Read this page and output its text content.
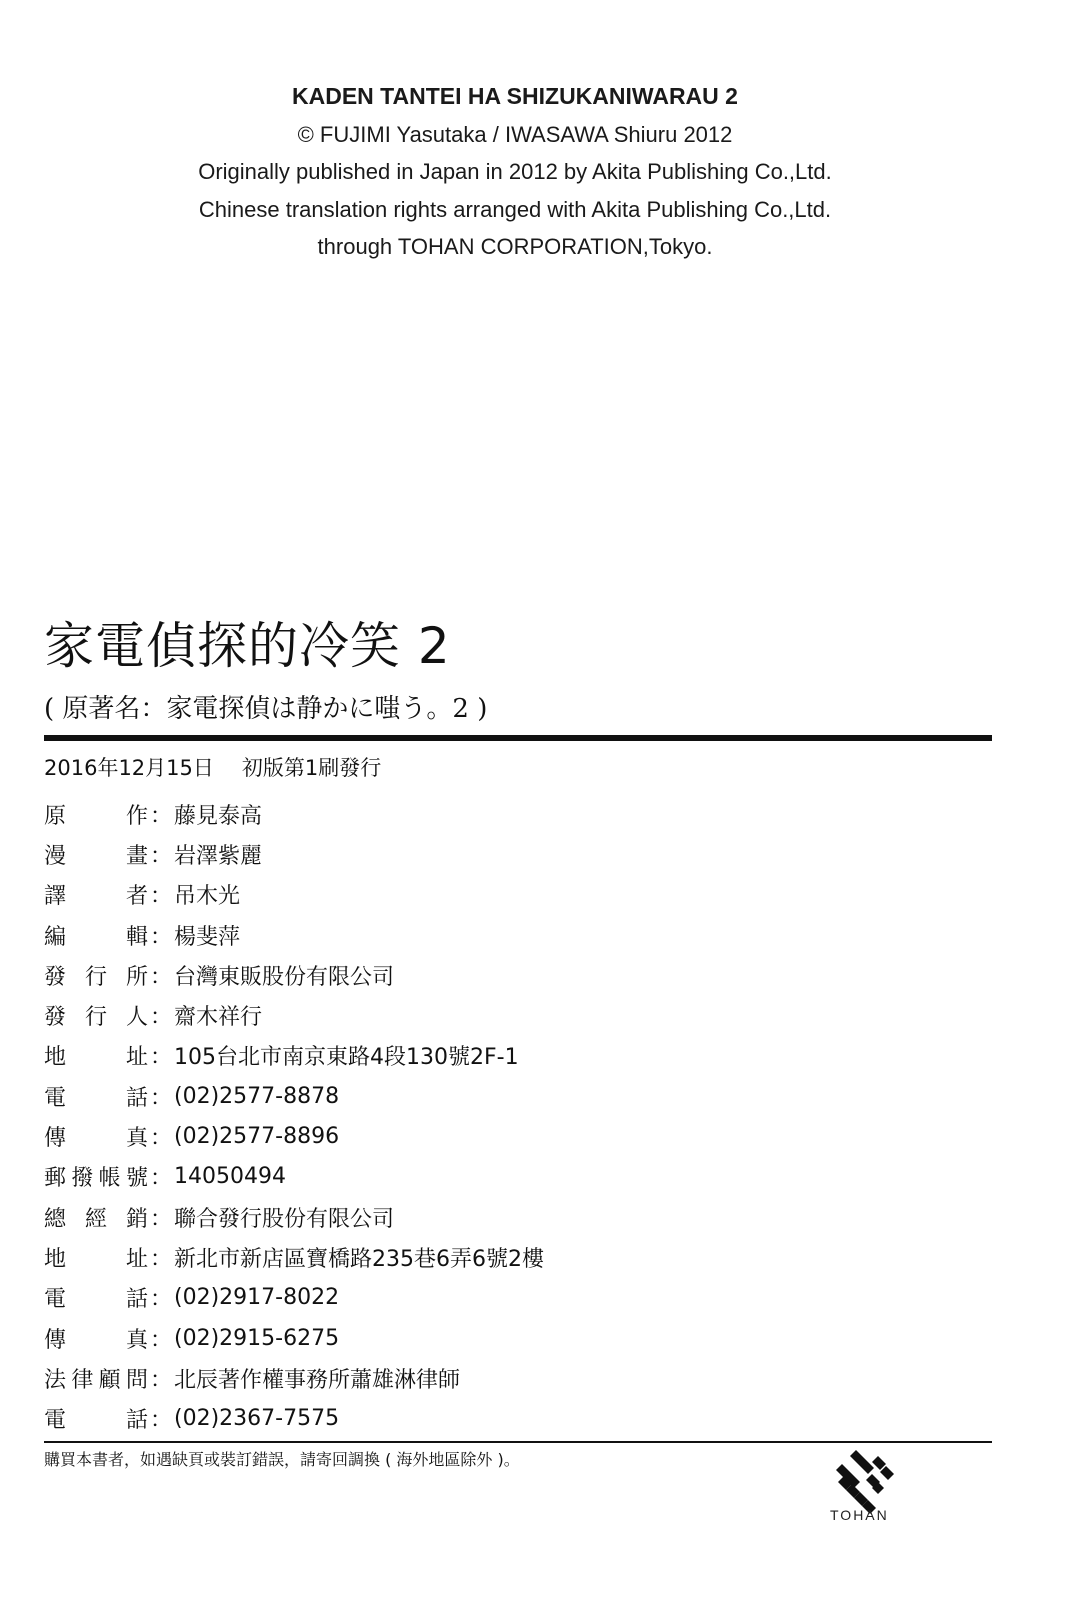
KADEN TANTEI HA SHIZUKANIWARAU 2
© FUJIMI Yasutaka / IWASAWA Shiuru 2012
Originally published in Japan in 2012 by Akita Publishing Co.,Ltd.
Chinese translation rights arranged with Akita Publishing Co.,Ltd.
through TOHAN CORPORATION,Tokyo.
家電偵探的冷笑 2
( 原著名：家電探偵は静かに嗤う。2 )
2016年12月15日 初版第1刷發行
原	作 ： 藤見泰高
漫	畫 ： 岩澤紫麗
譯	者 ： 吊木光
編	輯 ： 楊斐萍
發 行 所 ： 台灣東販股份有限公司
發 行 人 ： 齋木祥行
地	址 ： 105台北市南京東路4段130號2F-1
電	話 ： (02)2577-8878
傳	真 ： (02)2577-8896
郵 撥 帳 號 ： 14050494
總 經 銷 ： 聯合發行股份有限公司
地	址 ： 新北市新店區寶橋路235巷6弄6號2樓
電	話 ： (02)2917-8022
傳	真 ： (02)2915-6275
法 律 顧 問 ： 北辰著作權事務所蕭雄淋律師
電	話 ： (02)2367-7575
購買本書者，如遇缺頁或裝訂錯誤，請寄回調換 ( 海外地區除外 )。
TOHAN
